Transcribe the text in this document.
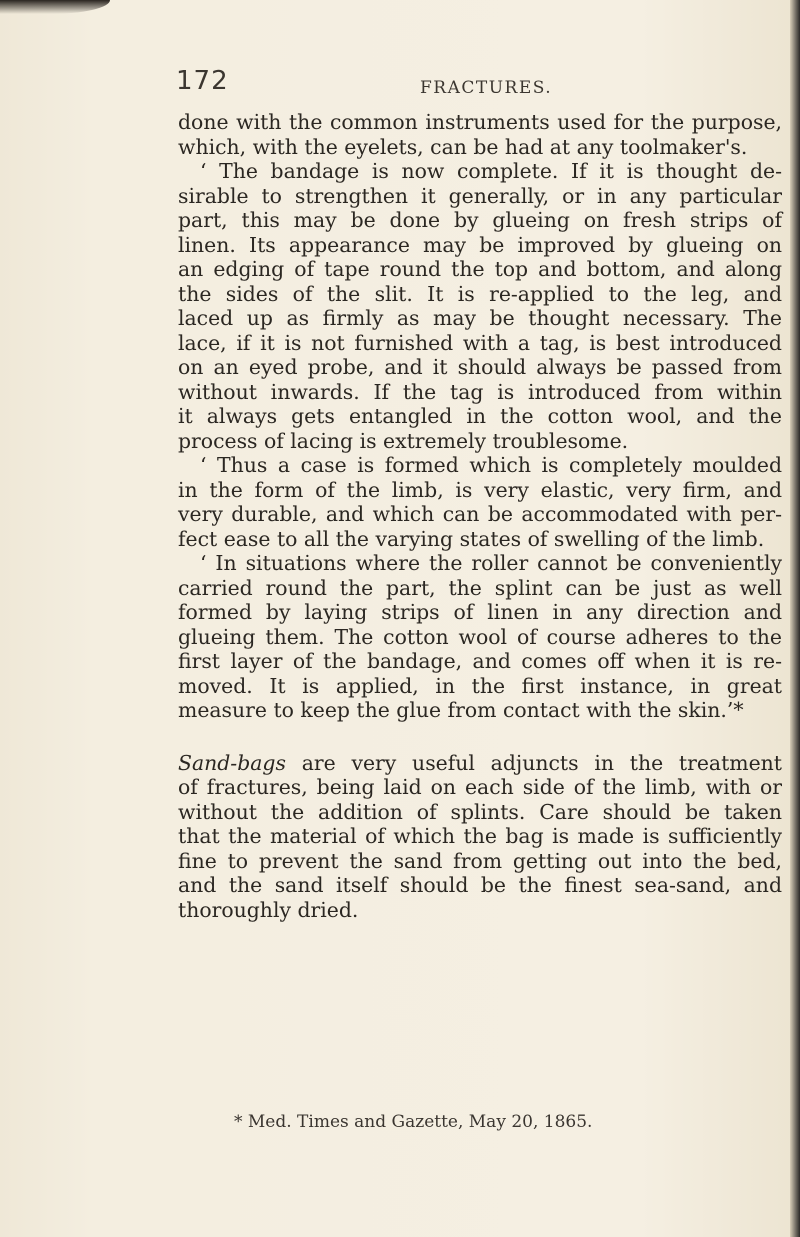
172	FRACTURES.
done with the common instruments used for the purpose,
which, with the eyelets, can be had at any toolmaker's.
‘ The bandage is now complete. If it is thought de-
sirable to strengthen it generally, or in any particular
part, this may be done by glueing on fresh strips of
linen. Its appearance may be improved by glueing on
an edging of tape round the top and bottom, and along
the sides of the slit. It is re-applied to the leg, and
laced up as firmly as may be thought necessary. The
lace, if it is not furnished with a tag, is best introduced
on an eyed probe, and it should always be passed from
without inwards. If the tag is introduced from within
it always gets entangled in the cotton wool, and the
process of lacing is extremely troublesome.
‘ Thus a case is formed which is completely moulded
in the form of the limb, is very elastic, very firm, and
very durable, and which can be accommodated with per-
fect ease to all the varying states of swelling of the limb.
‘ In situations where the roller cannot be conveniently
carried round the part, the splint can be just as well
formed by laying strips of linen in any direction and
glueing them. The cotton wool of course adheres to the
first layer of the bandage, and comes off when it is re-
moved. It is applied, in the first instance, in great
measure to keep the glue from contact with the skin.’*
Sand-bags are very useful adjuncts in the treatment
of fractures, being laid on each side of the limb, with or
without the addition of splints. Care should be taken
that the material of which the bag is made is sufficiently
fine to prevent the sand from getting out into the bed,
and the sand itself should be the finest sea-sand, and
thoroughly dried.
* Med. Times and Gazette, May 20, 1865.
